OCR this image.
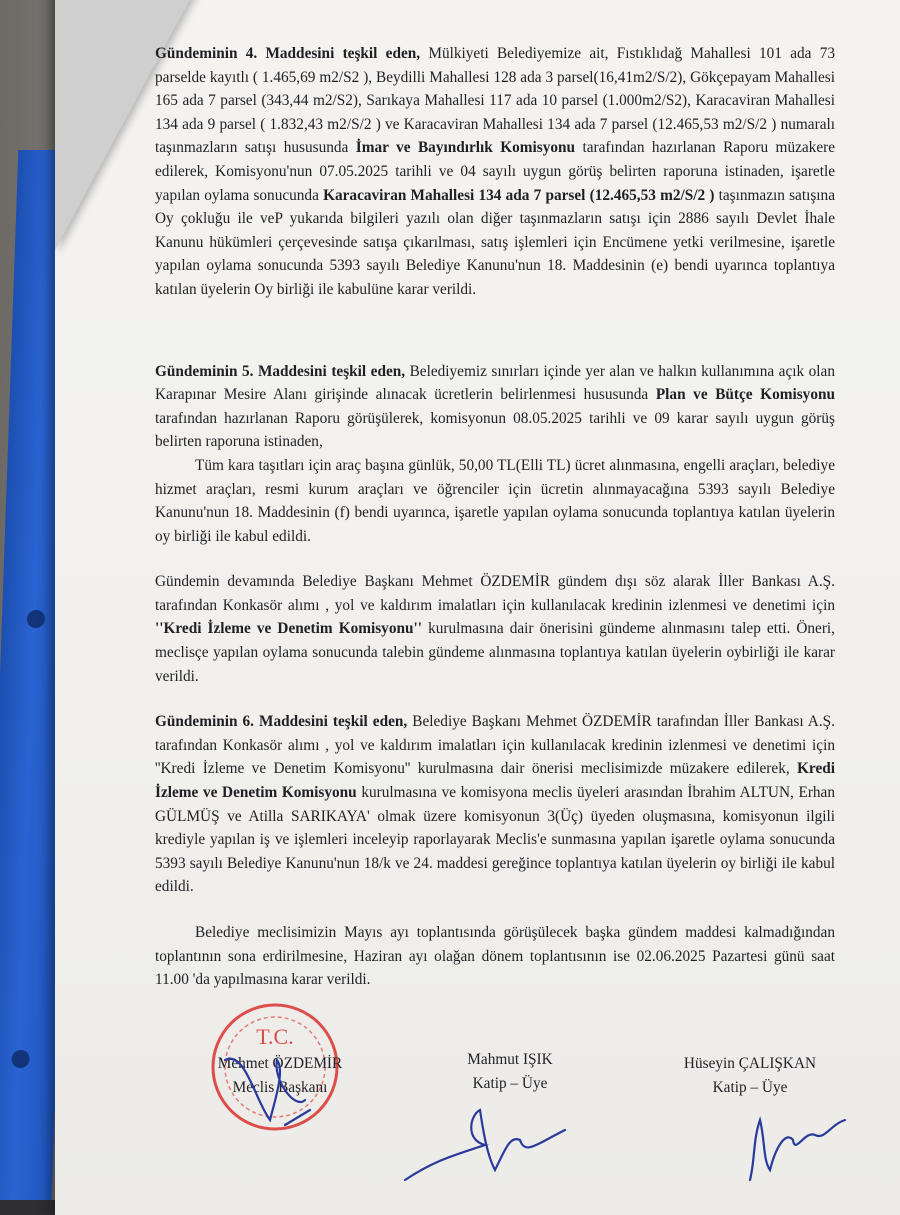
Gündeminin 4. Maddesini teşkil eden, Mülkiyeti Belediyemize ait, Fıstıklıdağ Mahallesi 101 ada 73 parselde kayıtlı ( 1.465,69 m2/S2 ), Beydilli Mahallesi 128 ada 3 parsel(16,41m2/S/2), Gökçepayam Mahallesi 165 ada 7 parsel (343,44 m2/S2), Sarıkaya Mahallesi 117 ada 10 parsel (1.000m2/S2), Karacaviran Mahallesi 134 ada 9 parsel ( 1.832,43 m2/S/2 ) ve Karacaviran Mahallesi 134 ada 7 parsel (12.465,53 m2/S/2 ) numaralı taşınmazların satışı hususunda İmar ve Bayındırlık Komisyonu tarafından hazırlanan Raporu müzakere edilerek, Komisyonu'nun 07.05.2025 tarihli ve 04 sayılı uygun görüş belirten raporuna istinaden, işaretle yapılan oylama sonucunda Karacaviran Mahallesi 134 ada 7 parsel (12.465,53 m2/S/2 ) taşınmazın satışına Oy çokluğu ile veP yukarıda bilgileri yazılı olan diğer taşınmazların satışı için 2886 sayılı Devlet İhale Kanunu hükümleri çerçevesinde satışa çıkarılması, satış işlemleri için Encümene yetki verilmesine, işaretle yapılan oylama sonucunda 5393 sayılı Belediye Kanunu'nun 18. Maddesinin (e) bendi uyarınca toplantıya katılan üyelerin Oy birliği ile kabulüne karar verildi.

Gündeminin 5. Maddesini teşkil eden, Belediyemiz sınırları içinde yer alan ve halkın kullanımına açık olan Karapınar Mesire Alanı girişinde alınacak ücretlerin belirlenmesi hususunda Plan ve Bütçe Komisyonu tarafından hazırlanan Raporu görüşülerek, komisyonun 08.05.2025 tarihli ve 09 karar sayılı uygun görüş belirten raporuna istinaden,

Tüm kara taşıtları için araç başına günlük, 50,00 TL(Elli TL) ücret alınmasına, engelli araçları, belediye hizmet araçları, resmi kurum araçları ve öğrenciler için ücretin alınmayacağına 5393 sayılı Belediye Kanunu'nun 18. Maddesinin (f) bendi uyarınca, işaretle yapılan oylama sonucunda toplantıya katılan üyelerin oy birliği ile kabul edildi.

Gündemin devamında Belediye Başkanı Mehmet ÖZDEMİR gündem dışı söz alarak İller Bankası A.Ş. tarafından Konkasör alımı , yol ve kaldırım imalatları için kullanılacak kredinin izlenmesi ve denetimi için ''Kredi İzleme ve Denetim Komisyonu'' kurulmasına dair önerisini gündeme alınmasını talep etti. Öneri, meclisçe yapılan oylama sonucunda talebin gündeme alınmasına toplantıya katılan üyelerin oybirliği ile karar verildi.

Gündeminin 6. Maddesini teşkil eden, Belediye Başkanı Mehmet ÖZDEMİR tarafından İller Bankası A.Ş. tarafından Konkasör alımı , yol ve kaldırım imalatları için kullanılacak kredinin izlenmesi ve denetimi için ''Kredi İzleme ve Denetim Komisyonu'' kurulmasına dair önerisi meclisimizde müzakere edilerek, Kredi İzleme ve Denetim Komisyonu kurulmasına ve komisyona meclis üyeleri arasından İbrahim ALTUN, Erhan GÜLMÜŞ ve Atilla SARIKAYA' olmak üzere komisyonun 3(Üç) üyeden oluşmasına, komisyonun ilgili krediyle yapılan iş ve işlemleri inceleyip raporlayarak Meclis'e sunmasına yapılan işaretle oylama sonucunda 5393 sayılı Belediye Kanunu'nun 18/k ve 24. maddesi gereğince toplantıya katılan üyelerin oy birliği ile kabul edildi.

Belediye meclisimizin Mayıs ayı toplantısında görüşülecek başka gündem maddesi kalmadığından toplantının sona erdirilmesine, Haziran ayı olağan dönem toplantısının ise 02.06.2025 Pazartesi günü saat 11.00 'da yapılmasına karar verildi.

T.C.
Mehmet ÖZDEMİR
Meclis Başkanı
Mahmut IŞIK
Katip – Üye
Hüseyin ÇALIŞKAN
Katip – Üye
